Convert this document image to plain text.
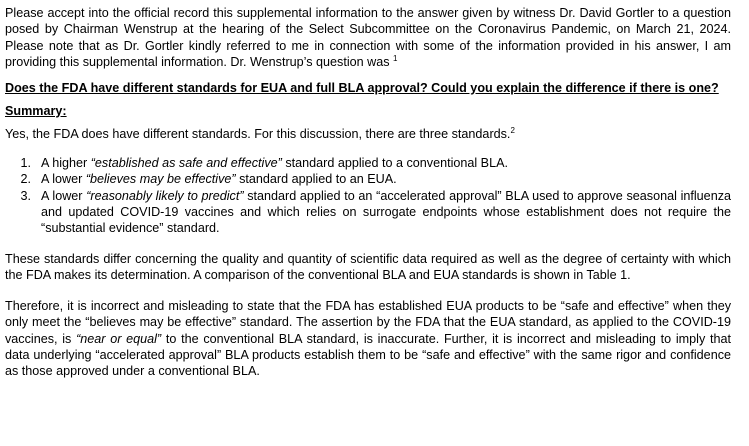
Please accept into the official record this supplemental information to the answer given by witness Dr. David Gortler to a question posed by Chairman Wenstrup at the hearing of the Select Subcommittee on the Coronavirus Pandemic, on March 21, 2024. Please note that as Dr. Gortler kindly referred to me in connection with some of the information provided in his answer, I am providing this supplemental information. Dr. Wenstrup’s question was $^1$

Does the FDA have different standards for EUA and full BLA approval? Could you explain the difference if there is one?

Summary:

Yes, the FDA does have different standards. For this discussion, there are three standards.$^2$

1. A higher “established as safe and effective” standard applied to a conventional BLA.
2. A lower “believes may be effective” standard applied to an EUA.
3. A lower “reasonably likely to predict” standard applied to an “accelerated approval” BLA used to approve seasonal influenza and updated COVID-19 vaccines and which relies on surrogate endpoints whose establishment does not require the “substantial evidence” standard.

These standards differ concerning the quality and quantity of scientific data required as well as the degree of certainty with which the FDA makes its determination. A comparison of the conventional BLA and EUA standards is shown in Table 1.

Therefore, it is incorrect and misleading to state that the FDA has established EUA products to be “safe and effective” when they only meet the “believes may be effective” standard. The assertion by the FDA that the EUA standard, as applied to the COVID-19 vaccines, is “near or equal” to the conventional BLA standard, is inaccurate. Further, it is incorrect and misleading to imply that data underlying “accelerated approval” BLA products establish them to be “safe and effective” with the same rigor and confidence as those approved under a conventional BLA.
